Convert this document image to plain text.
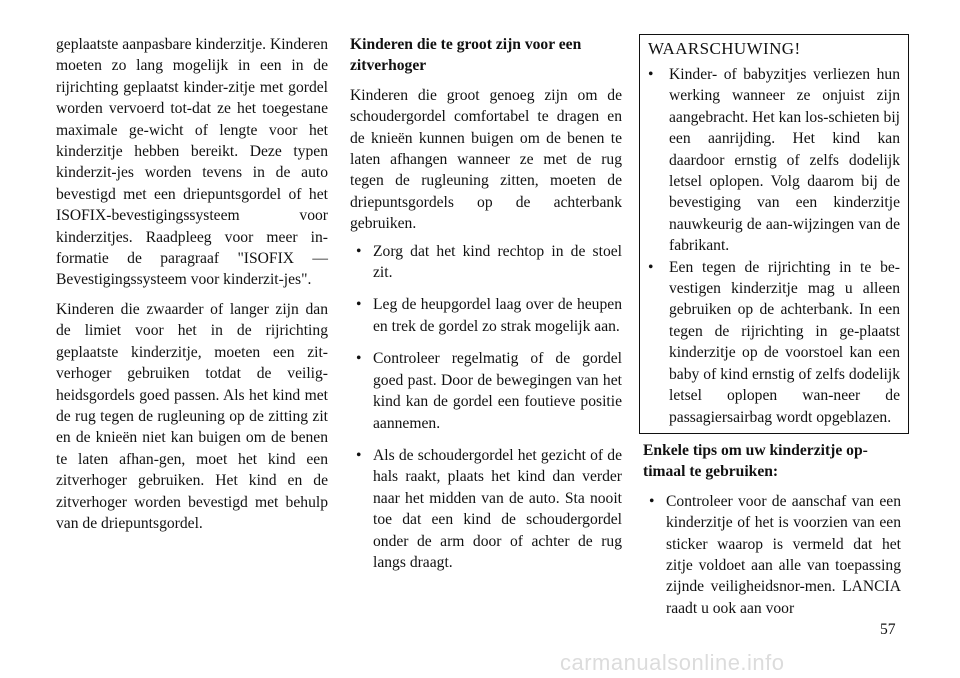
geplaatste aanpasbare kinderzitje. Kinderen moeten zo lang mogelijk in een in de rijrichting geplaatst kinder-zitje met gordel worden vervoerd tot-dat ze het toegestane maximale ge-wicht of lengte voor het kinderzitje hebben bereikt. Deze typen kinderzit-jes worden tevens in de auto bevestigd met een driepuntsgordel of het ISOFIX-bevestigingssysteem voor kinderzitjes. Raadpleeg voor meer in-formatie de paragraaf "ISOFIX — Bevestigingssysteem voor kinderzit-jes".

Kinderen die zwaarder of langer zijn dan de limiet voor het in de rijrichting geplaatste kinderzitje, moeten een zit-verhoger gebruiken totdat de veilig-heidsgordels goed passen. Als het kind met de rug tegen de rugleuning op de zitting zit en de knieën niet kan buigen om de benen te laten afhan-gen, moet het kind een zitverhoger gebruiken. Het kind en de zitverhoger worden bevestigd met behulp van de driepuntsgordel.

Kinderen die te groot zijn voor een zitverhoger

Kinderen die groot genoeg zijn om de schoudergordel comfortabel te dragen en de knieën kunnen buigen om de benen te laten afhangen wanneer ze met de rug tegen de rugleuning zitten, moeten de driepuntsgordels op de achterbank gebruiken.

• Zorg dat het kind rechtop in de stoel zit.
• Leg de heupgordel laag over de heupen en trek de gordel zo strak mogelijk aan.
• Controleer regelmatig of de gordel goed past. Door de bewegingen van het kind kan de gordel een foutieve positie aannemen.
• Als de schoudergordel het gezicht of de hals raakt, plaats het kind dan verder naar het midden van de auto. Sta nooit toe dat een kind de schoudergordel onder de arm door of achter de rug langs draagt.
WAARSCHUWING!
• Kinder- of babyzitjes verliezen hun werking wanneer ze onjuist zijn aangebracht. Het kan los-schieten bij een aanrijding. Het kind kan daardoor ernstig of zelfs dodelijk letsel oplopen. Volg daarom bij de bevestiging van een kinderzitje nauwkeurig de aan-wijzingen van de fabrikant.
• Een tegen de rijrichting in te be-vestigen kinderzitje mag u alleen gebruiken op de achterbank. In een tegen de rijrichting in ge-plaatst kinderzitje op de voorstoel kan een baby of kind ernstig of zelfs dodelijk letsel oplopen wan-neer de passagiersairbag wordt opgeblazen.
Enkele tips om uw kinderzitje op-timaal te gebruiken:
• Controleer voor de aanschaf van een kinderzitje of het is voorzien van een sticker waarop is vermeld dat het zitje voldoet aan alle van toepassing zijnde veiligheidsnor-men. LANCIA raadt u ook aan voor
57
carmanualsonline.info
